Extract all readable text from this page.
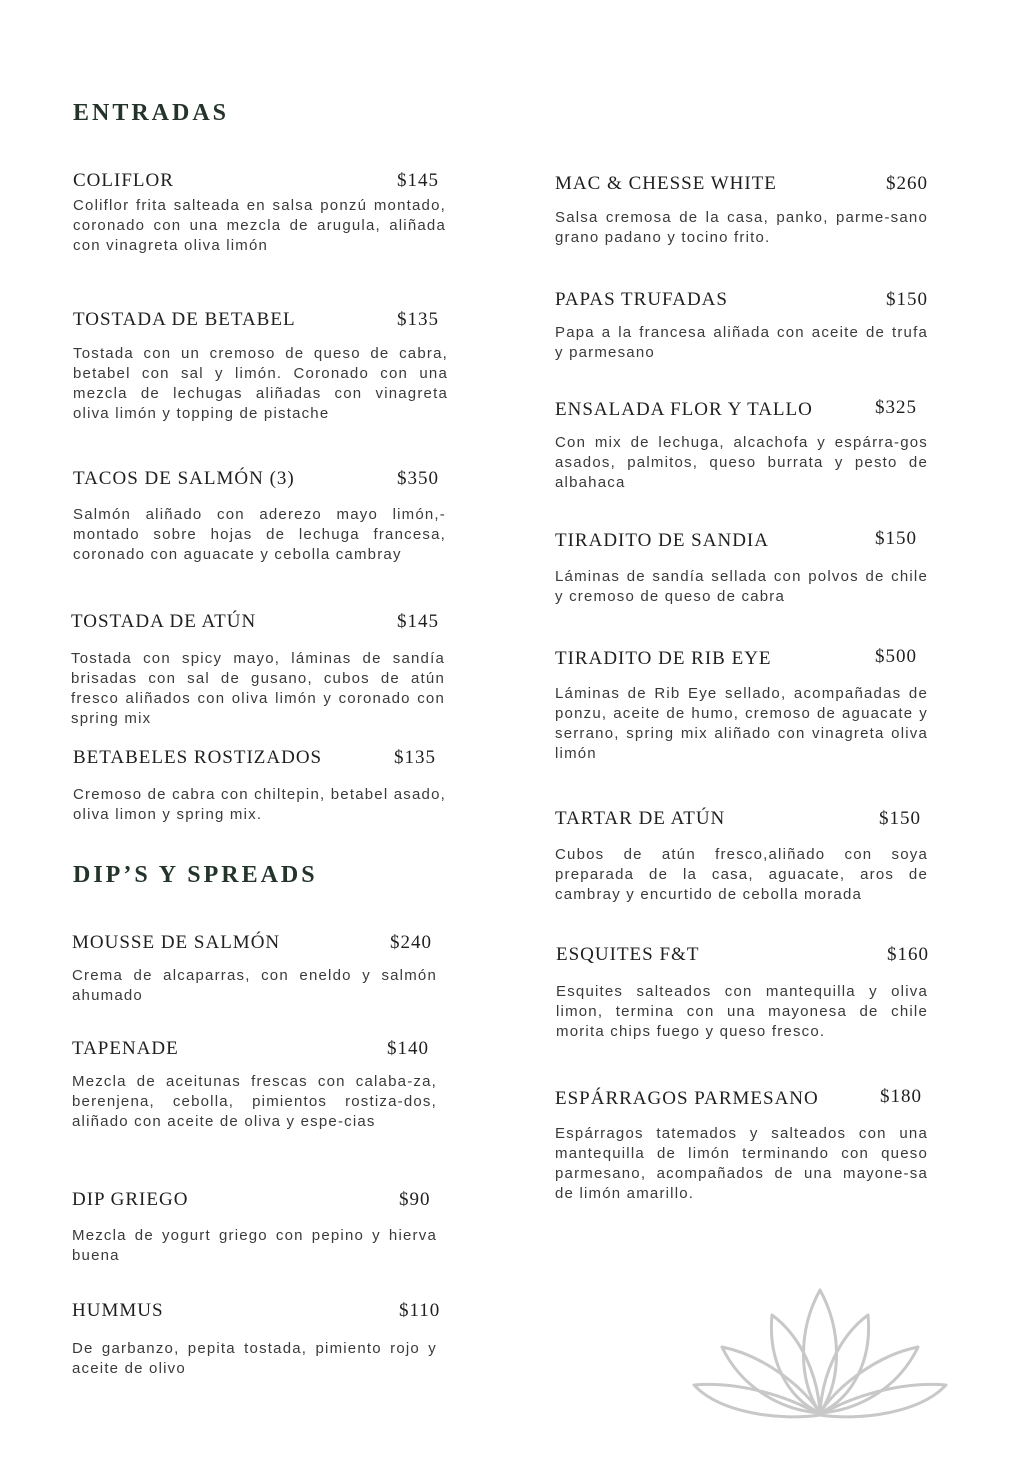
ENTRADAS
DIP’S Y SPREADS
COLIFLOR	$145

Coliflor frita salteada en salsa ponzú montado, coronado con una mezcla de arugula, aliñada con vinagreta oliva limón

TOSTADA DE BETABEL	$135

Tostada con un cremoso de queso de cabra, betabel con sal y limón. Coronado con una mezcla de lechugas aliñadas con vinagreta oliva limón y topping de pistache

TACOS DE SALMÓN (3)	$350

Salmón aliñado con aderezo mayo limón,-montado sobre hojas de lechuga francesa, coronado con aguacate y cebolla cambray

TOSTADA DE ATÚN	$145

Tostada con spicy mayo, láminas de sandía brisadas con sal de gusano, cubos de atún fresco aliñados con oliva limón y coronado con spring mix

BETABELES ROSTIZADOS	$135

Cremoso de cabra con chiltepin, betabel asado, oliva limon y spring mix.

MOUSSE DE SALMÓN	$240

Crema de alcaparras, con eneldo y salmón ahumado

TAPENADE	$140

Mezcla de aceitunas frescas con calaba-za, berenjena, cebolla, pimientos rostiza-dos, aliñado con aceite de oliva y espe-cias

DIP GRIEGO	$90

Mezcla de yogurt griego con pepino y hierva buena

HUMMUS	$110

De garbanzo, pepita tostada, pimiento rojo y aceite de olivo

MAC & CHESSE WHITE	$260

Salsa cremosa de la casa, panko, parme-sano grano padano y tocino frito.

PAPAS TRUFADAS	$150

Papa a la francesa aliñada con aceite de trufa y parmesano

ENSALADA FLOR Y TALLO	$325

Con mix de lechuga, alcachofa y espárra-gos asados, palmitos, queso burrata y pesto de albahaca

TIRADITO DE SANDIA	$150

Láminas de sandía sellada con polvos de chile y cremoso de queso de cabra

TIRADITO DE RIB EYE	$500

Láminas de Rib Eye sellado, acompañadas de ponzu, aceite de humo, cremoso de aguacate y serrano, spring mix aliñado con vinagreta oliva limón

TARTAR DE ATÚN	$150

Cubos de atún fresco,aliñado con soya preparada de la casa, aguacate, aros de cambray y encurtido de cebolla morada

ESQUITES F&T	$160

Esquites salteados con mantequilla y oliva limon, termina con una mayonesa de chile morita chips fuego y queso fresco.

ESPÁRRAGOS PARMESANO	$180

Espárragos tatemados y salteados con una mantequilla de limón terminando con queso parmesano, acompañados de una mayone-sa de limón amarillo.
